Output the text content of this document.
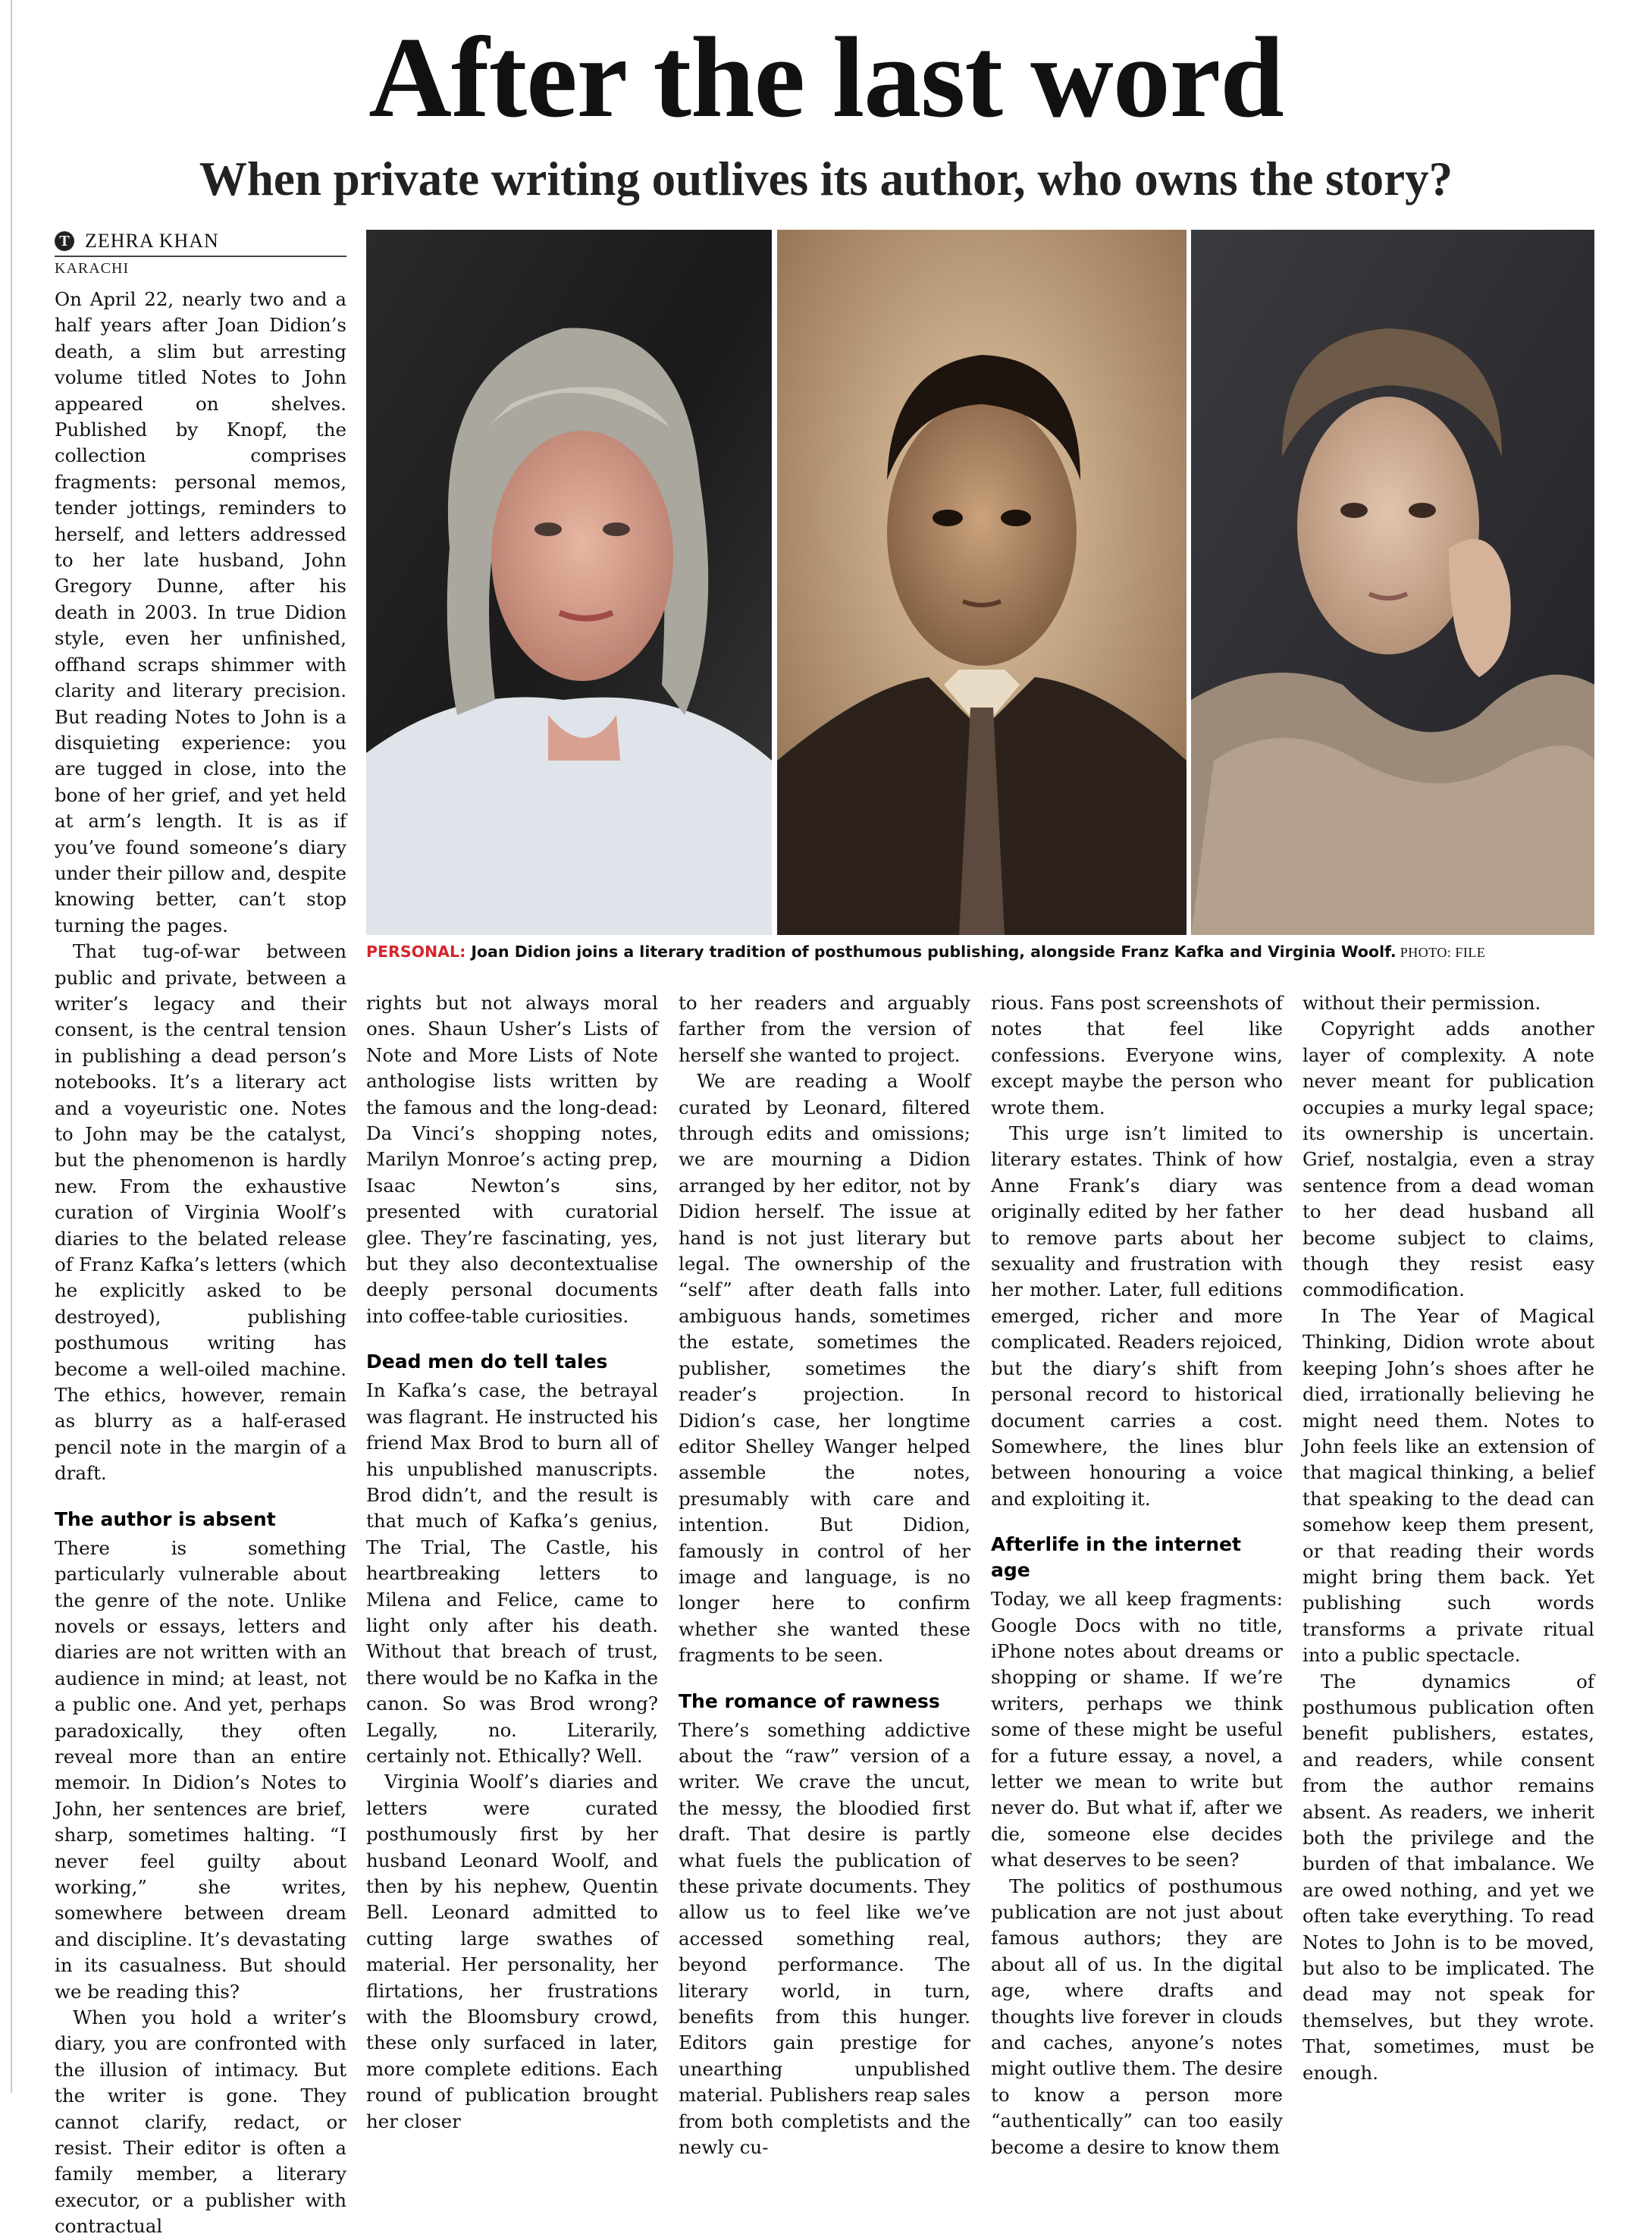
After the last word
When private writing outlives its author, who owns the story?
T ZEHRA KHAN
KARACHI
PERSONAL: Joan Didion joins a literary tradition of posthumous publishing, alongside Franz Kafka and Virginia Woolf. PHOTO: FILE

On April 22, nearly two and a half years after Joan Didion’s death, a slim but arresting volume titled Notes to John appeared on shelves. Published by Knopf, the collection comprises fragments: personal memos, tender jottings, reminders to herself, and letters addressed to her late husband, John Gregory Dunne, after his death in 2003. In true Didion style, even her unfinished, offhand scraps shimmer with clarity and literary precision. But reading Notes to John is a disquieting experience: you are tugged in close, into the bone of her grief, and yet held at arm’s length. It is as if you’ve found someone’s diary under their pillow and, despite knowing better, can’t stop turning the pages.

That tug-of-war between public and private, between a writer’s legacy and their consent, is the central tension in publishing a dead person’s notebooks. It’s a literary act and a voyeuristic one. Notes to John may be the catalyst, but the phenomenon is hardly new. From the exhaustive curation of Virginia Woolf’s diaries to the belated release of Franz Kafka’s letters (which he explicitly asked to be destroyed), publishing posthumous writing has become a well-oiled machine. The ethics, however, remain as blurry as a half-erased pencil note in the margin of a draft.

The author is absent

There is something particularly vulnerable about the genre of the note. Unlike novels or essays, letters and diaries are not written with an audience in mind; at least, not a public one. And yet, perhaps paradoxically, they often reveal more than an entire memoir. In Didion’s Notes to John, her sentences are brief, sharp, sometimes halting. “I never feel guilty about working,” she writes, somewhere between dream and discipline. It’s devastating in its casualness. But should we be reading this?

When you hold a writer’s diary, you are confronted with the illusion of intimacy. But the writer is gone. They cannot clarify, redact, or resist. Their editor is often a family member, a literary executor, or a publisher with contractual

rights but not always moral ones. Shaun Usher’s Lists of Note and More Lists of Note anthologise lists written by the famous and the long-dead: Da Vinci’s shopping notes, Marilyn Monroe’s acting prep, Isaac Newton’s sins, presented with curatorial glee. They’re fascinating, yes, but they also decontextualise deeply personal documents into coffee-table curiosities.

Dead men do tell tales

In Kafka’s case, the betrayal was flagrant. He instructed his friend Max Brod to burn all of his unpublished manuscripts. Brod didn’t, and the result is that much of Kafka’s genius, The Trial, The Castle, his heartbreaking letters to Milena and Felice, came to light only after his death. Without that breach of trust, there would be no Kafka in the canon. So was Brod wrong? Legally, no. Literarily, certainly not. Ethically? Well.

Virginia Woolf’s diaries and letters were curated posthumously first by her husband Leonard Woolf, and then by his nephew, Quentin Bell. Leonard admitted to cutting large swathes of material. Her personality, her flirtations, her frustrations with the Bloomsbury crowd, these only surfaced in later, more complete editions. Each round of publication brought her closer

to her readers and arguably farther from the version of herself she wanted to project.

We are reading a Woolf curated by Leonard, filtered through edits and omissions; we are mourning a Didion arranged by her editor, not by Didion herself. The issue at hand is not just literary but legal. The ownership of the “self” after death falls into ambiguous hands, sometimes the estate, sometimes the publisher, sometimes the reader’s projection. In Didion’s case, her longtime editor Shelley Wanger helped assemble the notes, presumably with care and intention. But Didion, famously in control of her image and language, is no longer here to confirm whether she wanted these fragments to be seen.

The romance of rawness

There’s something addictive about the “raw” version of a writer. We crave the uncut, the messy, the bloodied first draft. That desire is partly what fuels the publication of these private documents. They allow us to feel like we’ve accessed something real, beyond performance. The literary world, in turn, benefits from this hunger. Editors gain prestige for unearthing unpublished material. Publishers reap sales from both completists and the newly cu-

rious. Fans post screenshots of notes that feel like confessions. Everyone wins, except maybe the person who wrote them.

This urge isn’t limited to literary estates. Think of how Anne Frank’s diary was originally edited by her father to remove parts about her sexuality and frustration with her mother. Later, full editions emerged, richer and more complicated. Readers rejoiced, but the diary’s shift from personal record to historical document carries a cost. Somewhere, the lines blur between honouring a voice and exploiting it.

Afterlife in the internet age

Today, we all keep fragments: Google Docs with no title, iPhone notes about dreams or shopping or shame. If we’re writers, perhaps we think some of these might be useful for a future essay, a novel, a letter we mean to write but never do. But what if, after we die, someone else decides what deserves to be seen?

The politics of posthumous publication are not just about famous authors; they are about all of us. In the digital age, where drafts and thoughts live forever in clouds and caches, anyone’s notes might outlive them. The desire to know a person more “authentically” can too easily become a desire to know them

without their permission.

Copyright adds another layer of complexity. A note never meant for publication occupies a murky legal space; its ownership is uncertain. Grief, nostalgia, even a stray sentence from a dead woman to her dead husband all become subject to claims, though they resist easy commodification.

In The Year of Magical Thinking, Didion wrote about keeping John’s shoes after he died, irrationally believing he might need them. Notes to John feels like an extension of that magical thinking, a belief that speaking to the dead can somehow keep them present, or that reading their words might bring them back. Yet publishing such words transforms a private ritual into a public spectacle.

The dynamics of posthumous publication often benefit publishers, estates, and readers, while consent from the author remains absent. As readers, we inherit both the privilege and the burden of that imbalance. We are owed nothing, and yet we often take everything. To read Notes to John is to be moved, but also to be implicated. The dead may not speak for themselves, but they wrote. That, sometimes, must be enough.
